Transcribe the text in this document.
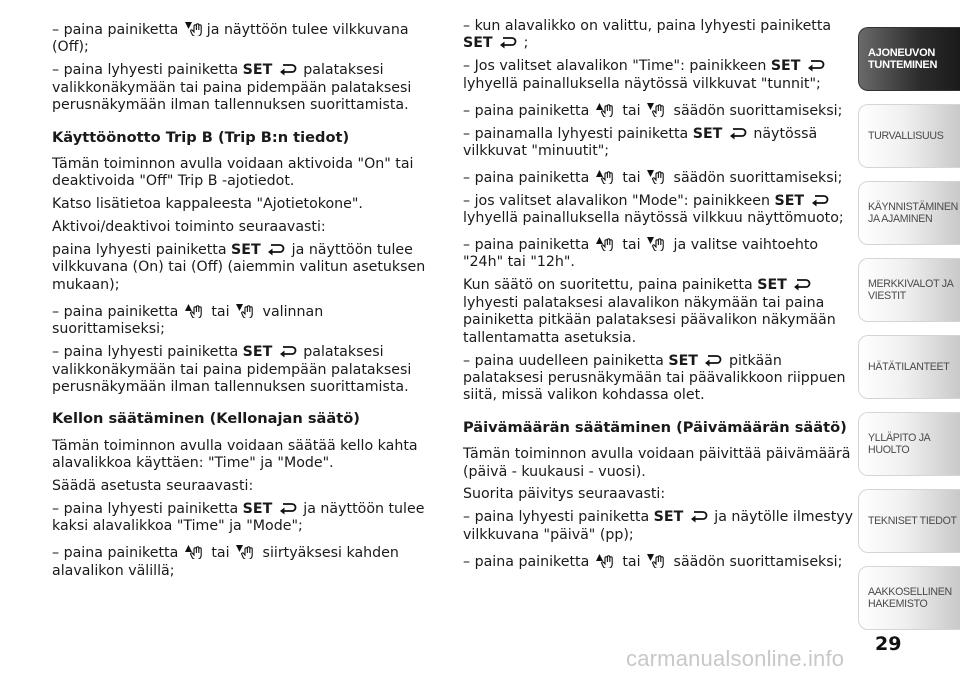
– paina painiketta ja näyttöön tulee vilkkuvana (Off);

– paina lyhyesti painiketta SET palataksesi valikkonäkymään tai paina pidempään palataksesi perusnäkymään ilman tallennuksen suorittamista.

Käyttöönotto Trip B (Trip B:n tiedot)

Tämän toiminnon avulla voidaan aktivoida "On" tai deaktivoida "Off" Trip B -ajotiedot.

Katso lisätietoa kappaleesta "Ajotietokone".

Aktivoi/deaktivoi toiminto seuraavasti:

paina lyhyesti painiketta SET ja näyttöön tulee vilkkuvana (On) tai (Off) (aiemmin valitun asetuksen mukaan);

– paina painiketta tai valinnan suorittamiseksi;

– paina lyhyesti painiketta SET palataksesi valikkonäkymään tai paina pidempään palataksesi perusnäkymään ilman tallennuksen suorittamista.

Kellon säätäminen (Kellonajan säätö)

Tämän toiminnon avulla voidaan säätää kello kahta alavalikkoa käyttäen: "Time" ja "Mode".

Säädä asetusta seuraavasti:

– paina lyhyesti painiketta SET ja näyttöön tulee kaksi alavalikkoa "Time" ja "Mode";

– paina painiketta tai siirtyäksesi kahden alavalikon välillä;

– kun alavalikko on valittu, paina lyhyesti painiketta SET ;

– Jos valitset alavalikon "Time": painikkeen SET
lyhyellä painalluksella näytössä vilkkuvat "tunnit";

– paina painiketta tai säädön suorittamiseksi;

– painamalla lyhyesti painiketta SET näytössä vilkkuvat "minuutit";

– paina painiketta tai säädön suorittamiseksi;

– jos valitset alavalikon "Mode": painikkeen SET
lyhyellä painalluksella näytössä vilkkuu näyttömuoto;

– paina painiketta tai ja valitse vaihtoehto "24h" tai "12h".

Kun säätö on suoritettu, paina painiketta SET
lyhyesti palataksesi alavalikon näkymään tai paina painiketta pitkään palataksesi päävalikon näkymään tallentamatta asetuksia.

– paina uudelleen painiketta SET pitkään palataksesi perusnäkymään tai päävalikkoon riippuen siitä, missä valikon kohdassa olet.

Päivämäärän säätäminen (Päivämäärän säätö)

Tämän toiminnon avulla voidaan päivittää päivämäärä (päivä - kuukausi - vuosi).

Suorita päivitys seuraavasti:

– paina lyhyesti painiketta SET ja näytölle ilmestyy vilkkuvana "päivä" (pp);

– paina painiketta tai säädön suorittamiseksi;

AJONEUVON
TUNTEMINEN
TURVALLISUUS
KÄYNNISTÄMINEN
JA AJAMINEN
MERKKIVALOT JA
VIESTIT
HÄTÄTILANTEET
YLLÄPITO JA HUOLTO
TEKNISET TIEDOT
AAKKOSELLINEN
HAKEMISTO
29
carmanualsonline.info
